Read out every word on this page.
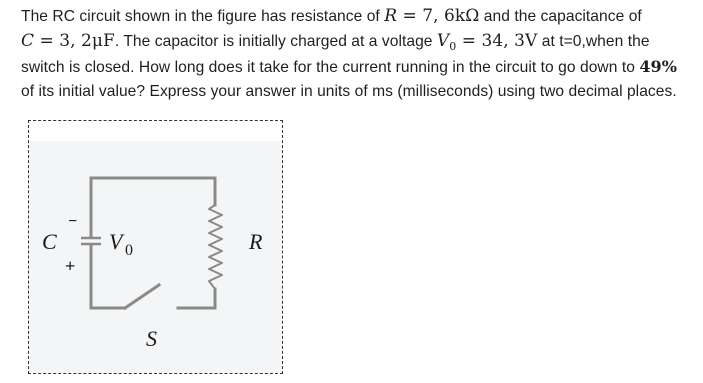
The RC circuit shown in the figure has resistance of R = 7, 6kΩ and the capacitance of
C = 3, 2μF. The capacitor is initially charged at a voltage $V_0 = 34$, 3V at t=0,when the
switch is closed. How long does it take for the current running in the circuit to go down to 49%
of its initial value? Express your answer in units of ms (milliseconds) using two decimal places.
−
+
C V 0	R
S
